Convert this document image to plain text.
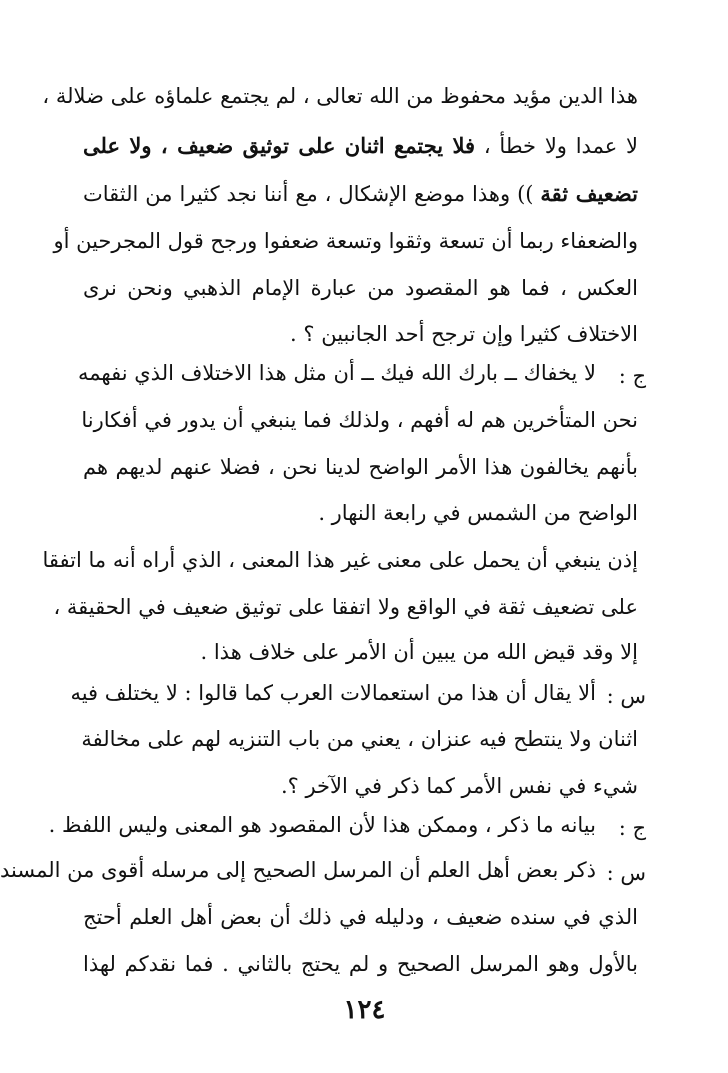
هذا الدين مؤيد محفوظ من الله تعالى ، لم يجتمع علماؤه على ضلالة ،
لا عمدا ولا خطأ ، فلا يجتمع اثنان على توثيق ضعيف ، ولا على
تضعيف ثقة )) وهذا موضع الإشكال ، مع أننا نجد كثيرا من الثقات
والضعفاء ربما أن تسعة وثقوا وتسعة ضعفوا ورجح قول المجرحين أو
العكس ، فما هو المقصود من عبارة الإمام الذهبي ونحن نرى
الاختلاف كثيرا وإن ترجح أحد الجانبين ؟ .
ج :
لا يخفاك ــ بارك الله فيك ــ أن مثل هذا الاختلاف الذي نفهمه
نحن المتأخرين هم له أفهم ، ولذلك فما ينبغي أن يدور في أفكارنا
بأنهم يخالفون هذا الأمر الواضح لدينا نحن ، فضلا عنهم لديهم هم
الواضح من الشمس في رابعة النهار .
إذن ينبغي أن يحمل على معنى غير هذا المعنى ، الذي أراه أنه ما اتفقا
على تضعيف ثقة في الواقع ولا اتفقا على توثيق ضعيف في الحقيقة ،
إلا وقد قيض الله من يبين أن الأمر على خلاف هذا .
س :
ألا يقال أن هذا من استعمالات العرب كما قالوا : لا يختلف فيه
اثنان ولا ينتطح فيه عنزان ، يعني من باب التنزيه لهم على مخالفة
شيء في نفس الأمر كما ذكر في الآخر ؟.
ج :
بيانه ما ذكر ، وممكن هذا لأن المقصود هو المعنى وليس اللفظ .
س :
ذكر بعض أهل العلم أن المرسل الصحيح إلى مرسله أقوى من المسند
الذي في سنده ضعيف ، ودليله في ذلك أن بعض أهل العلم أحتج
بالأول وهو المرسل الصحيح و لم يحتج بالثاني . فما نقدكم لهذا
١٢٤
